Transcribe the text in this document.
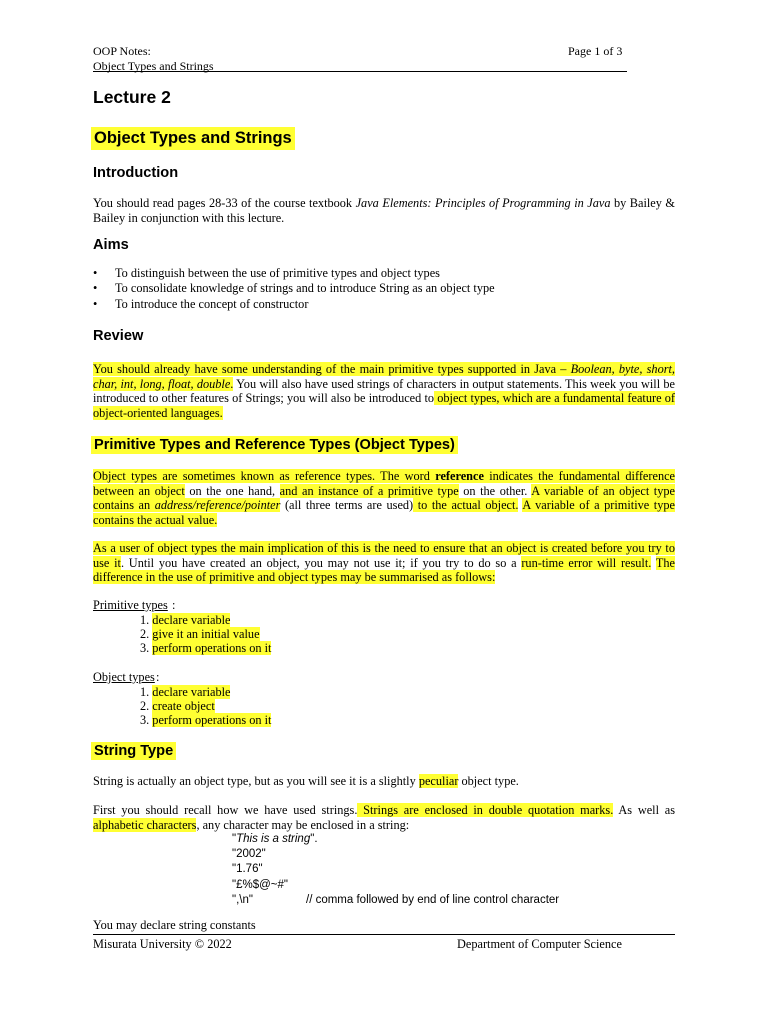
OOP Notes:
Object Types and Strings
Page 1 of 3
Lecture 2
Object Types and Strings
Introduction
You should read pages 28-33 of the course textbook Java Elements: Principles of Programming in Java by Bailey & Bailey in conjunction with this lecture.
Aims
• To distinguish between the use of primitive types and object types
• To consolidate knowledge of strings and to introduce String as an object type
• To introduce the concept of constructor
Review
You should already have some understanding of the main primitive types supported in Java – Boolean, byte, short, char, int, long, float, double. You will also have used strings of characters in output statements. This week you will be introduced to other features of Strings; you will also be introduced to object types, which are a fundamental feature of object-oriented languages.
Primitive Types and Reference Types (Object Types)
Object types are sometimes known as reference types. The word reference indicates the fundamental difference between an object on the one hand, and an instance of a primitive type on the other. A variable of an object type contains an address/reference/pointer (all three terms are used) to the actual object. A variable of a primitive type contains the actual value.
As a user of object types the main implication of this is the need to ensure that an object is created before you try to use it. Until you have created an object, you may not use it; if you try to do so a run-time error will result. The difference in the use of primitive and object types may be summarised as follows:
Primitive types :
1. declare variable
2. give it an initial value
3. perform operations on it
Object types :
1. declare variable
2. create object
3. perform operations on it
String Type
String is actually an object type, but as you will see it is a slightly peculiar object type.
First you should recall how we have used strings. Strings are enclosed in double quotation marks. As well as alphabetic characters, any character may be enclosed in a string:
"This is a string".
"2002"
"1.76"
"£%$@~#"
",\n"	// comma followed by end of line control character
You may declare string constants
Misurata University © 2022	Department of Computer Science
